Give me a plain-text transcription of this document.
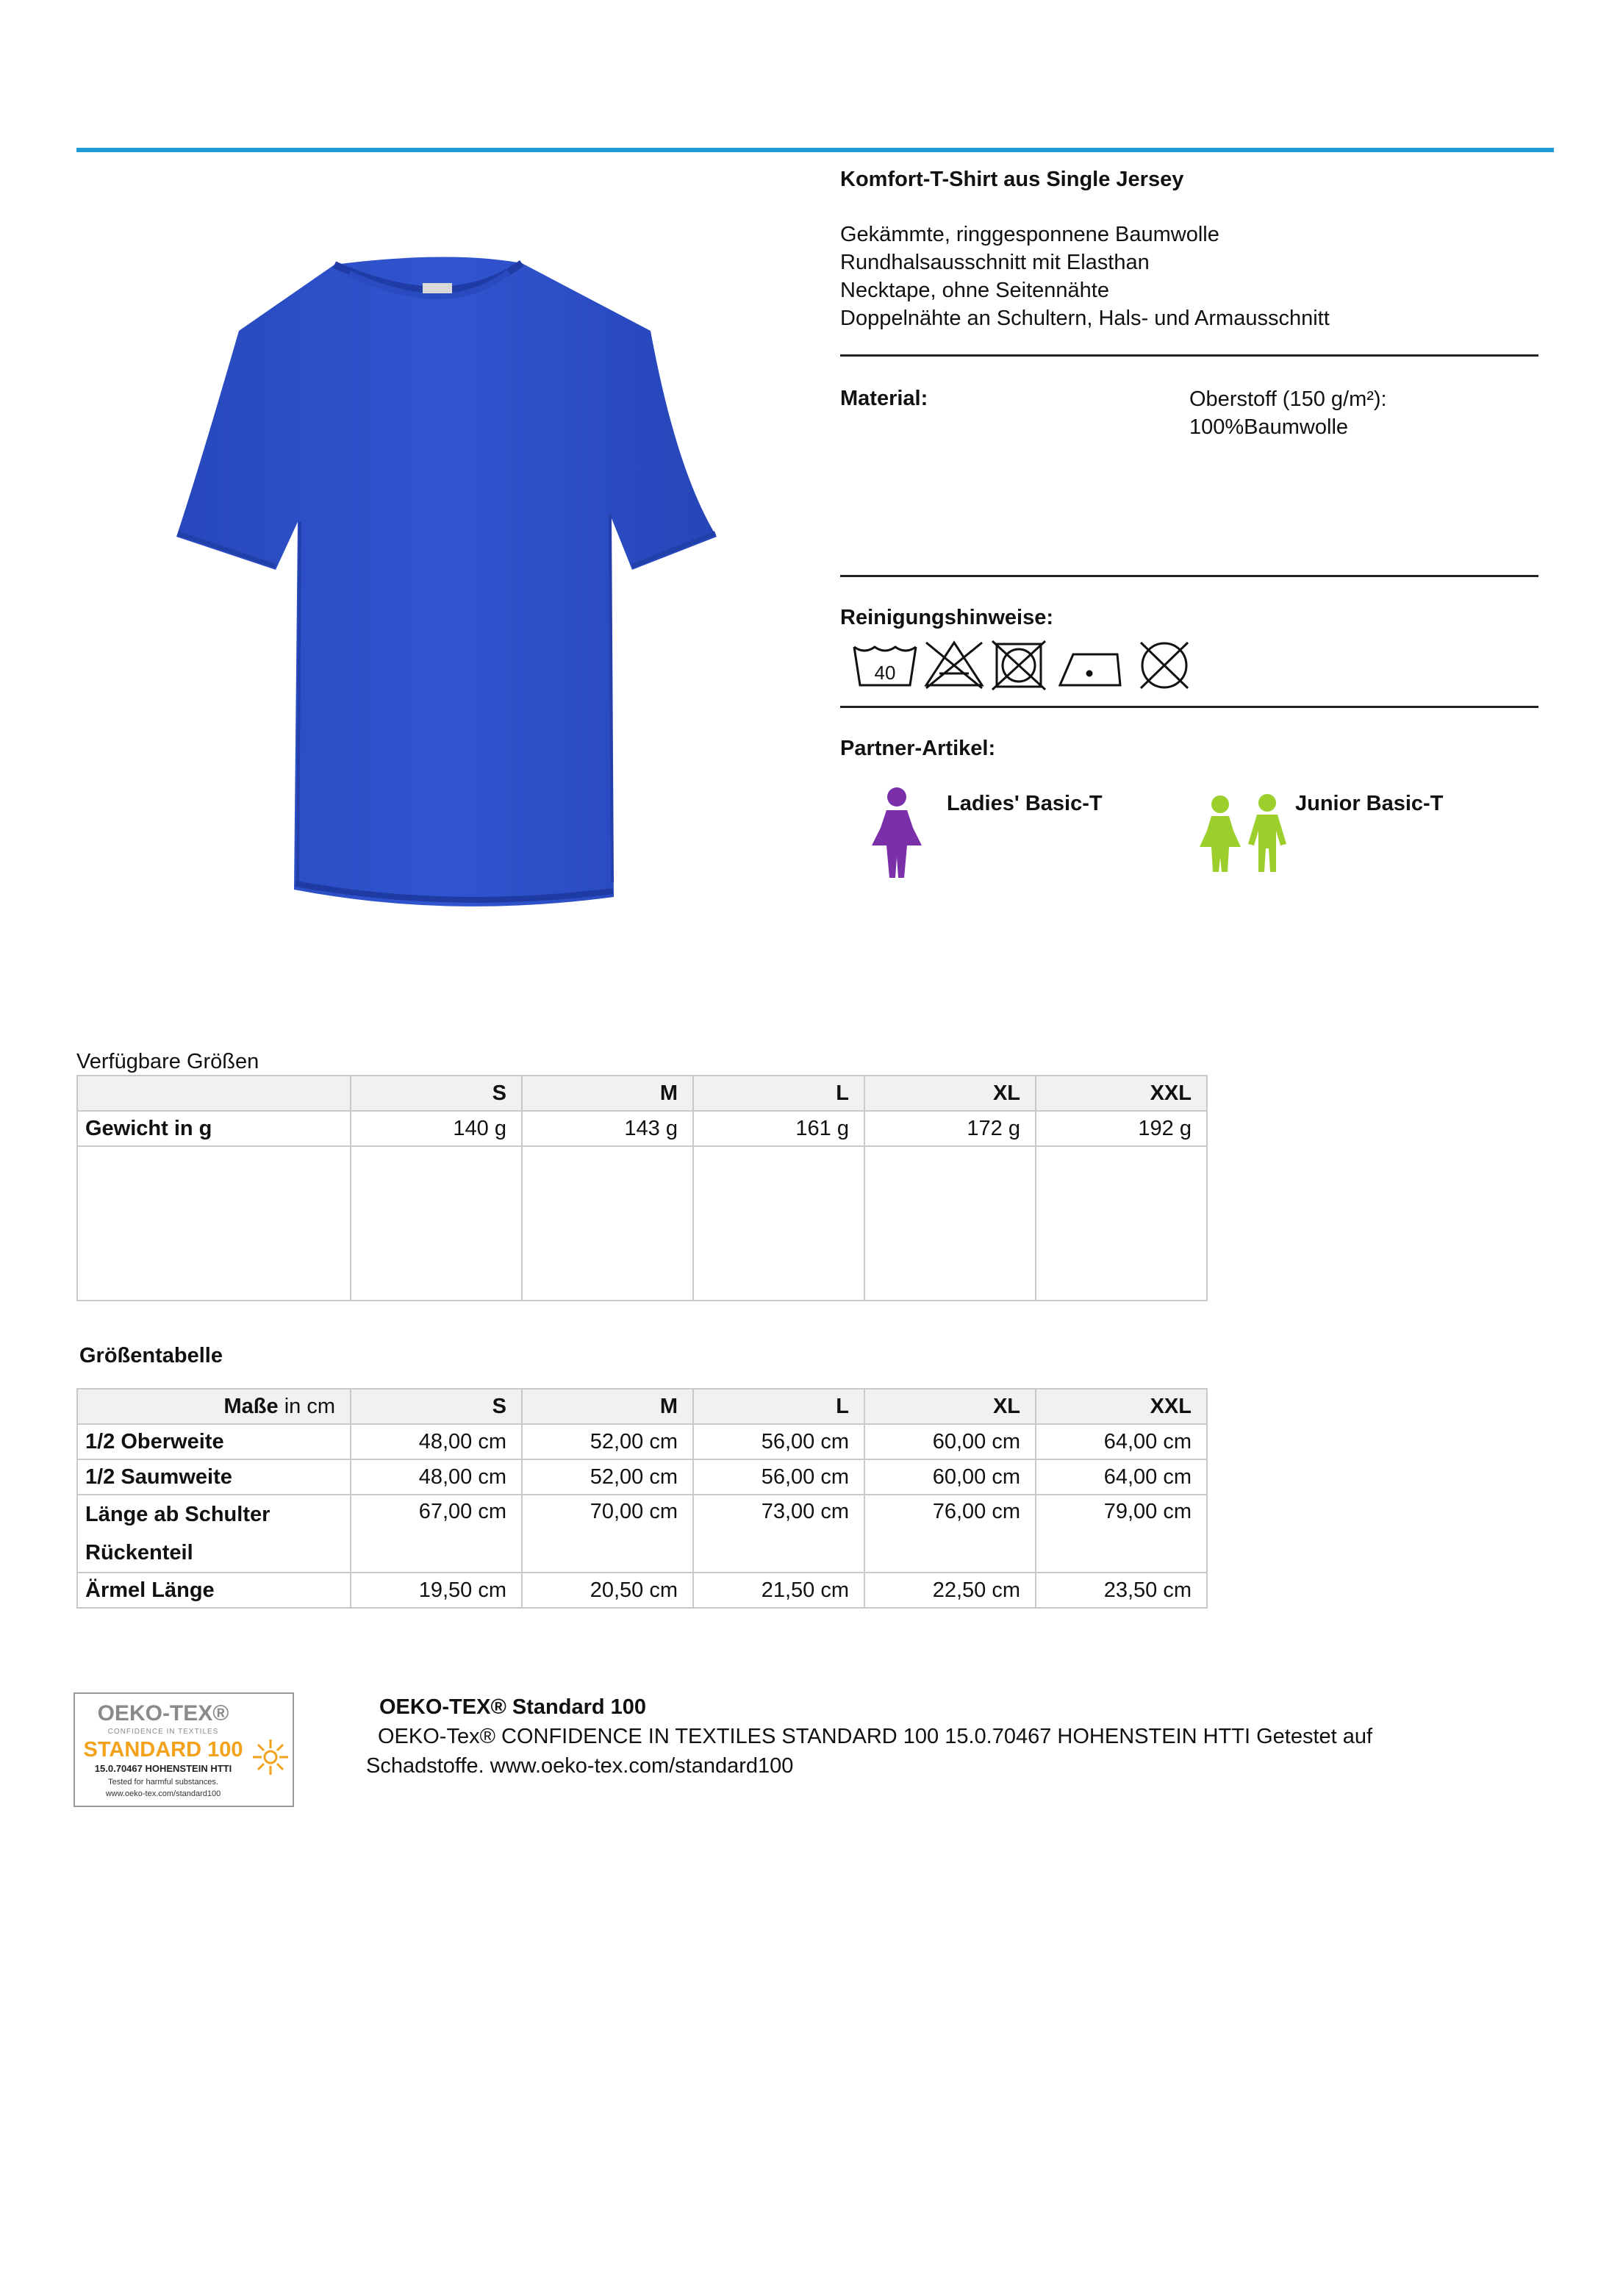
Komfort-T-Shirt aus Single Jersey
Gekämmte, ringgesponnene Baumwolle
Rundhalsausschnitt mit Elasthan
Necktape, ohne Seitennähte
Doppelnähte an Schultern, Hals- und Armausschnitt
Material:	Oberstoff (150 g/m²):
100%Baumwolle
Reinigungshinweise:
40
Partner-Artikel:
Ladies' Basic-T	Junior Basic-T
Verfügbare Größen
	S	M	L	XL	XXL
Gewicht in g	140 g	143 g	161 g	172 g	192 g

Größentabelle
Maße in cm	S	M	L	XL	XXL
1/2 Oberweite	48,00 cm	52,00 cm	56,00 cm	60,00 cm	64,00 cm
1/2 Saumweite	48,00 cm	52,00 cm	56,00 cm	60,00 cm	64,00 cm

Länge ab Schulter
Rückenteil	67,00 cm	70,00 cm	73,00 cm	76,00 cm	79,00 cm
Ärmel Länge	19,50 cm	20,50 cm	21,50 cm	22,50 cm	23,50 cm
OEKO-TEX®
CONFIDENCE IN TEXTILES
STANDARD 100
15.0.70467 HOHENSTEIN HTTI
Tested for harmful substances.
www.oeko-tex.com/standard100
OEKO-TEX® Standard 100
OEKO-Tex® CONFIDENCE IN TEXTILES STANDARD 100 15.0.70467 HOHENSTEIN HTTI Getestet auf Schadstoffe. www.oeko-tex.com/standard100
